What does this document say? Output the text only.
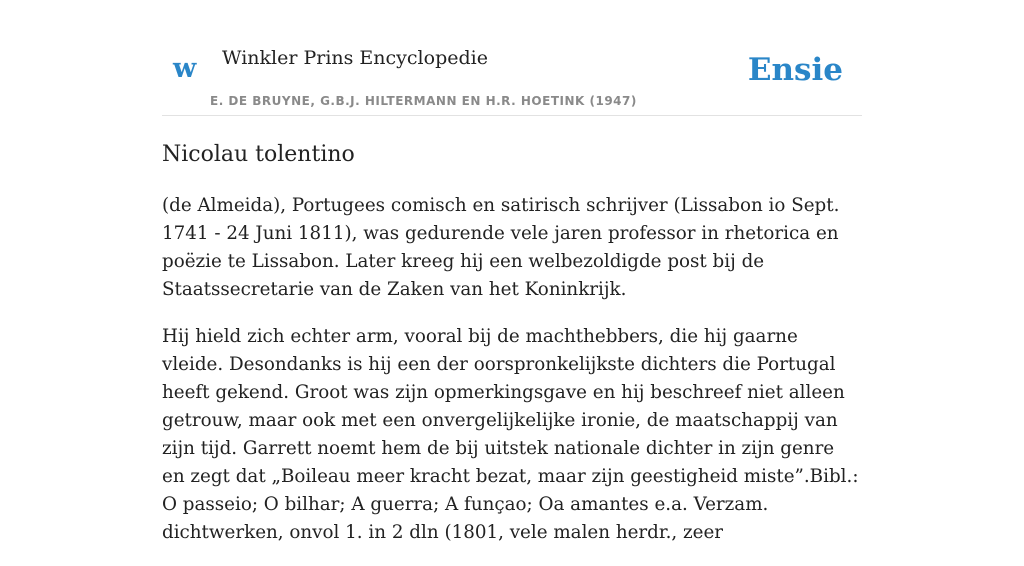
w Winkler Prins Encyclopedie
E. DE BRUYNE, G.B.J. HILTERMANN EN H.R. HOETINK (1947)
Ensie
Nicolau tolentino

(de Almeida), Portugees comisch en satirisch schrijver (Lissabon io Sept. 1741 - 24 Juni 1811), was gedurende vele jaren professor in rhetorica en poëzie te Lissabon. Later kreeg hij een welbezoldigde post bij de Staatssecretarie van de Zaken van het Koninkrijk.

Hij hield zich echter arm, vooral bij de machthebbers, die hij gaarne vleide. Desondanks is hij een der oorspronkelijkste dichters die Portugal heeft gekend. Groot was zijn opmerkingsgave en hij beschreef niet alleen getrouw, maar ook met een onvergelijkelijke ironie, de maatschappij van zijn tijd. Garrett noemt hem de bij uitstek nationale dichter in zijn genre en zegt dat „Boileau meer kracht bezat, maar zijn geestigheid miste”.Bibl.: O passeio; O bilhar; A guerra; A funçao; Oa amantes e.a. Verzam. dichtwerken, onvol 1. in 2 dln (1801, vele malen herdr., zeer
